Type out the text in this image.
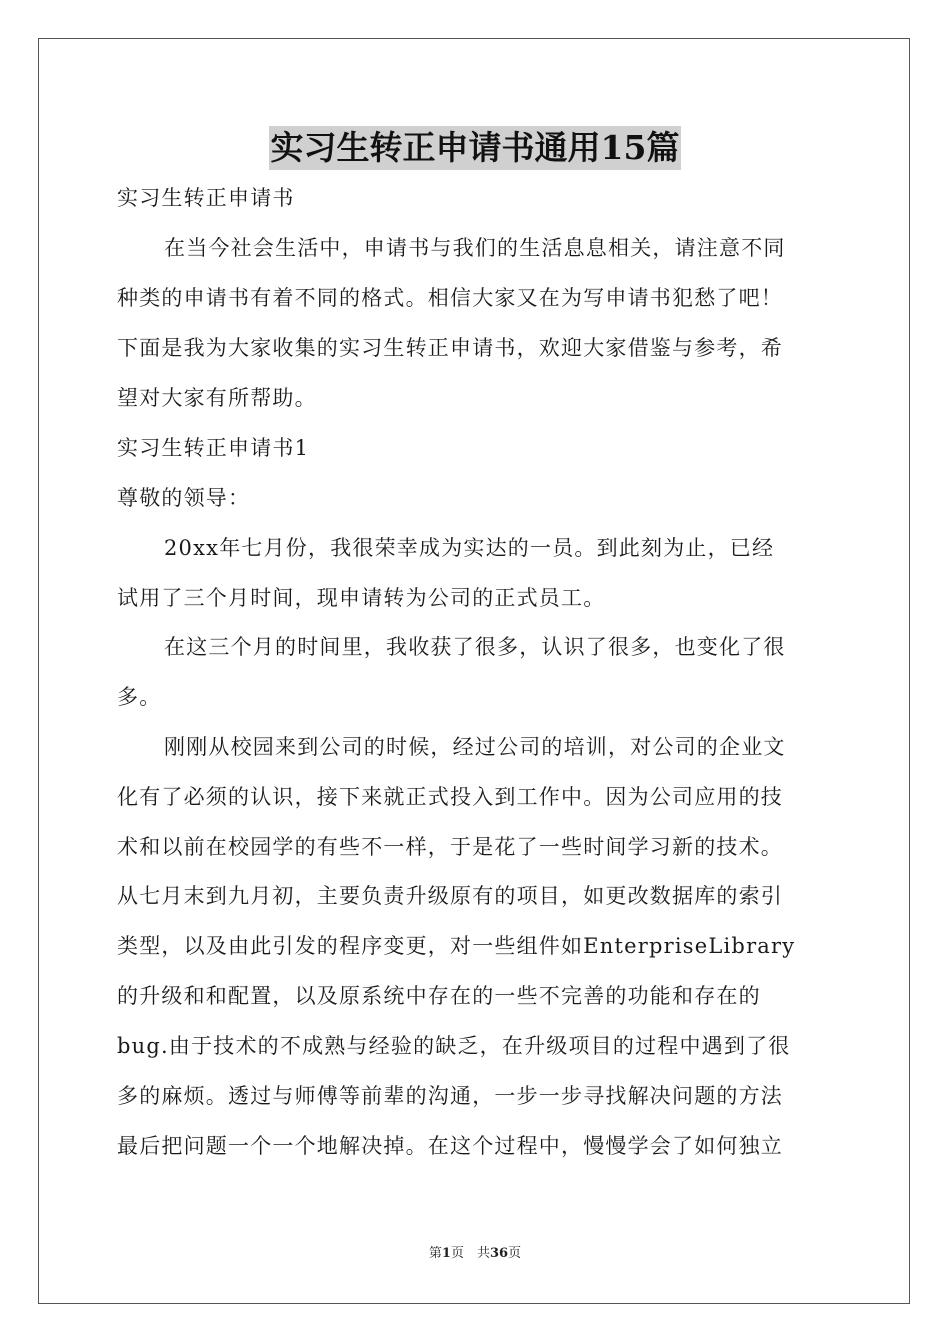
实习生转正申请书通用15篇
实习生转正申请书
在当今社会生活中，申请书与我们的生活息息相关，请注意不同
种类的申请书有着不同的格式。相信大家又在为写申请书犯愁了吧！
下面是我为大家收集的实习生转正申请书，欢迎大家借鉴与参考，希
望对大家有所帮助。
实习生转正申请书1
尊敬的领导：
20xx年七月份，我很荣幸成为实达的一员。到此刻为止，已经
试用了三个月时间，现申请转为公司的正式员工。
在这三个月的时间里，我收获了很多，认识了很多，也变化了很
多。
刚刚从校园来到公司的时候，经过公司的培训，对公司的企业文
化有了必须的认识，接下来就正式投入到工作中。因为公司应用的技
术和以前在校园学的有些不一样，于是花了一些时间学习新的技术。
从七月末到九月初，主要负责升级原有的项目，如更改数据库的索引
类型，以及由此引发的程序变更，对一些组件如EnterpriseLibrary
的升级和和配置，以及原系统中存在的一些不完善的功能和存在的
bug.由于技术的不成熟与经验的缺乏，在升级项目的过程中遇到了很
多的麻烦。透过与师傅等前辈的沟通，一步一步寻找解决问题的方法
最后把问题一个一个地解决掉。在这个过程中，慢慢学会了如何独立
第1页　共36页
